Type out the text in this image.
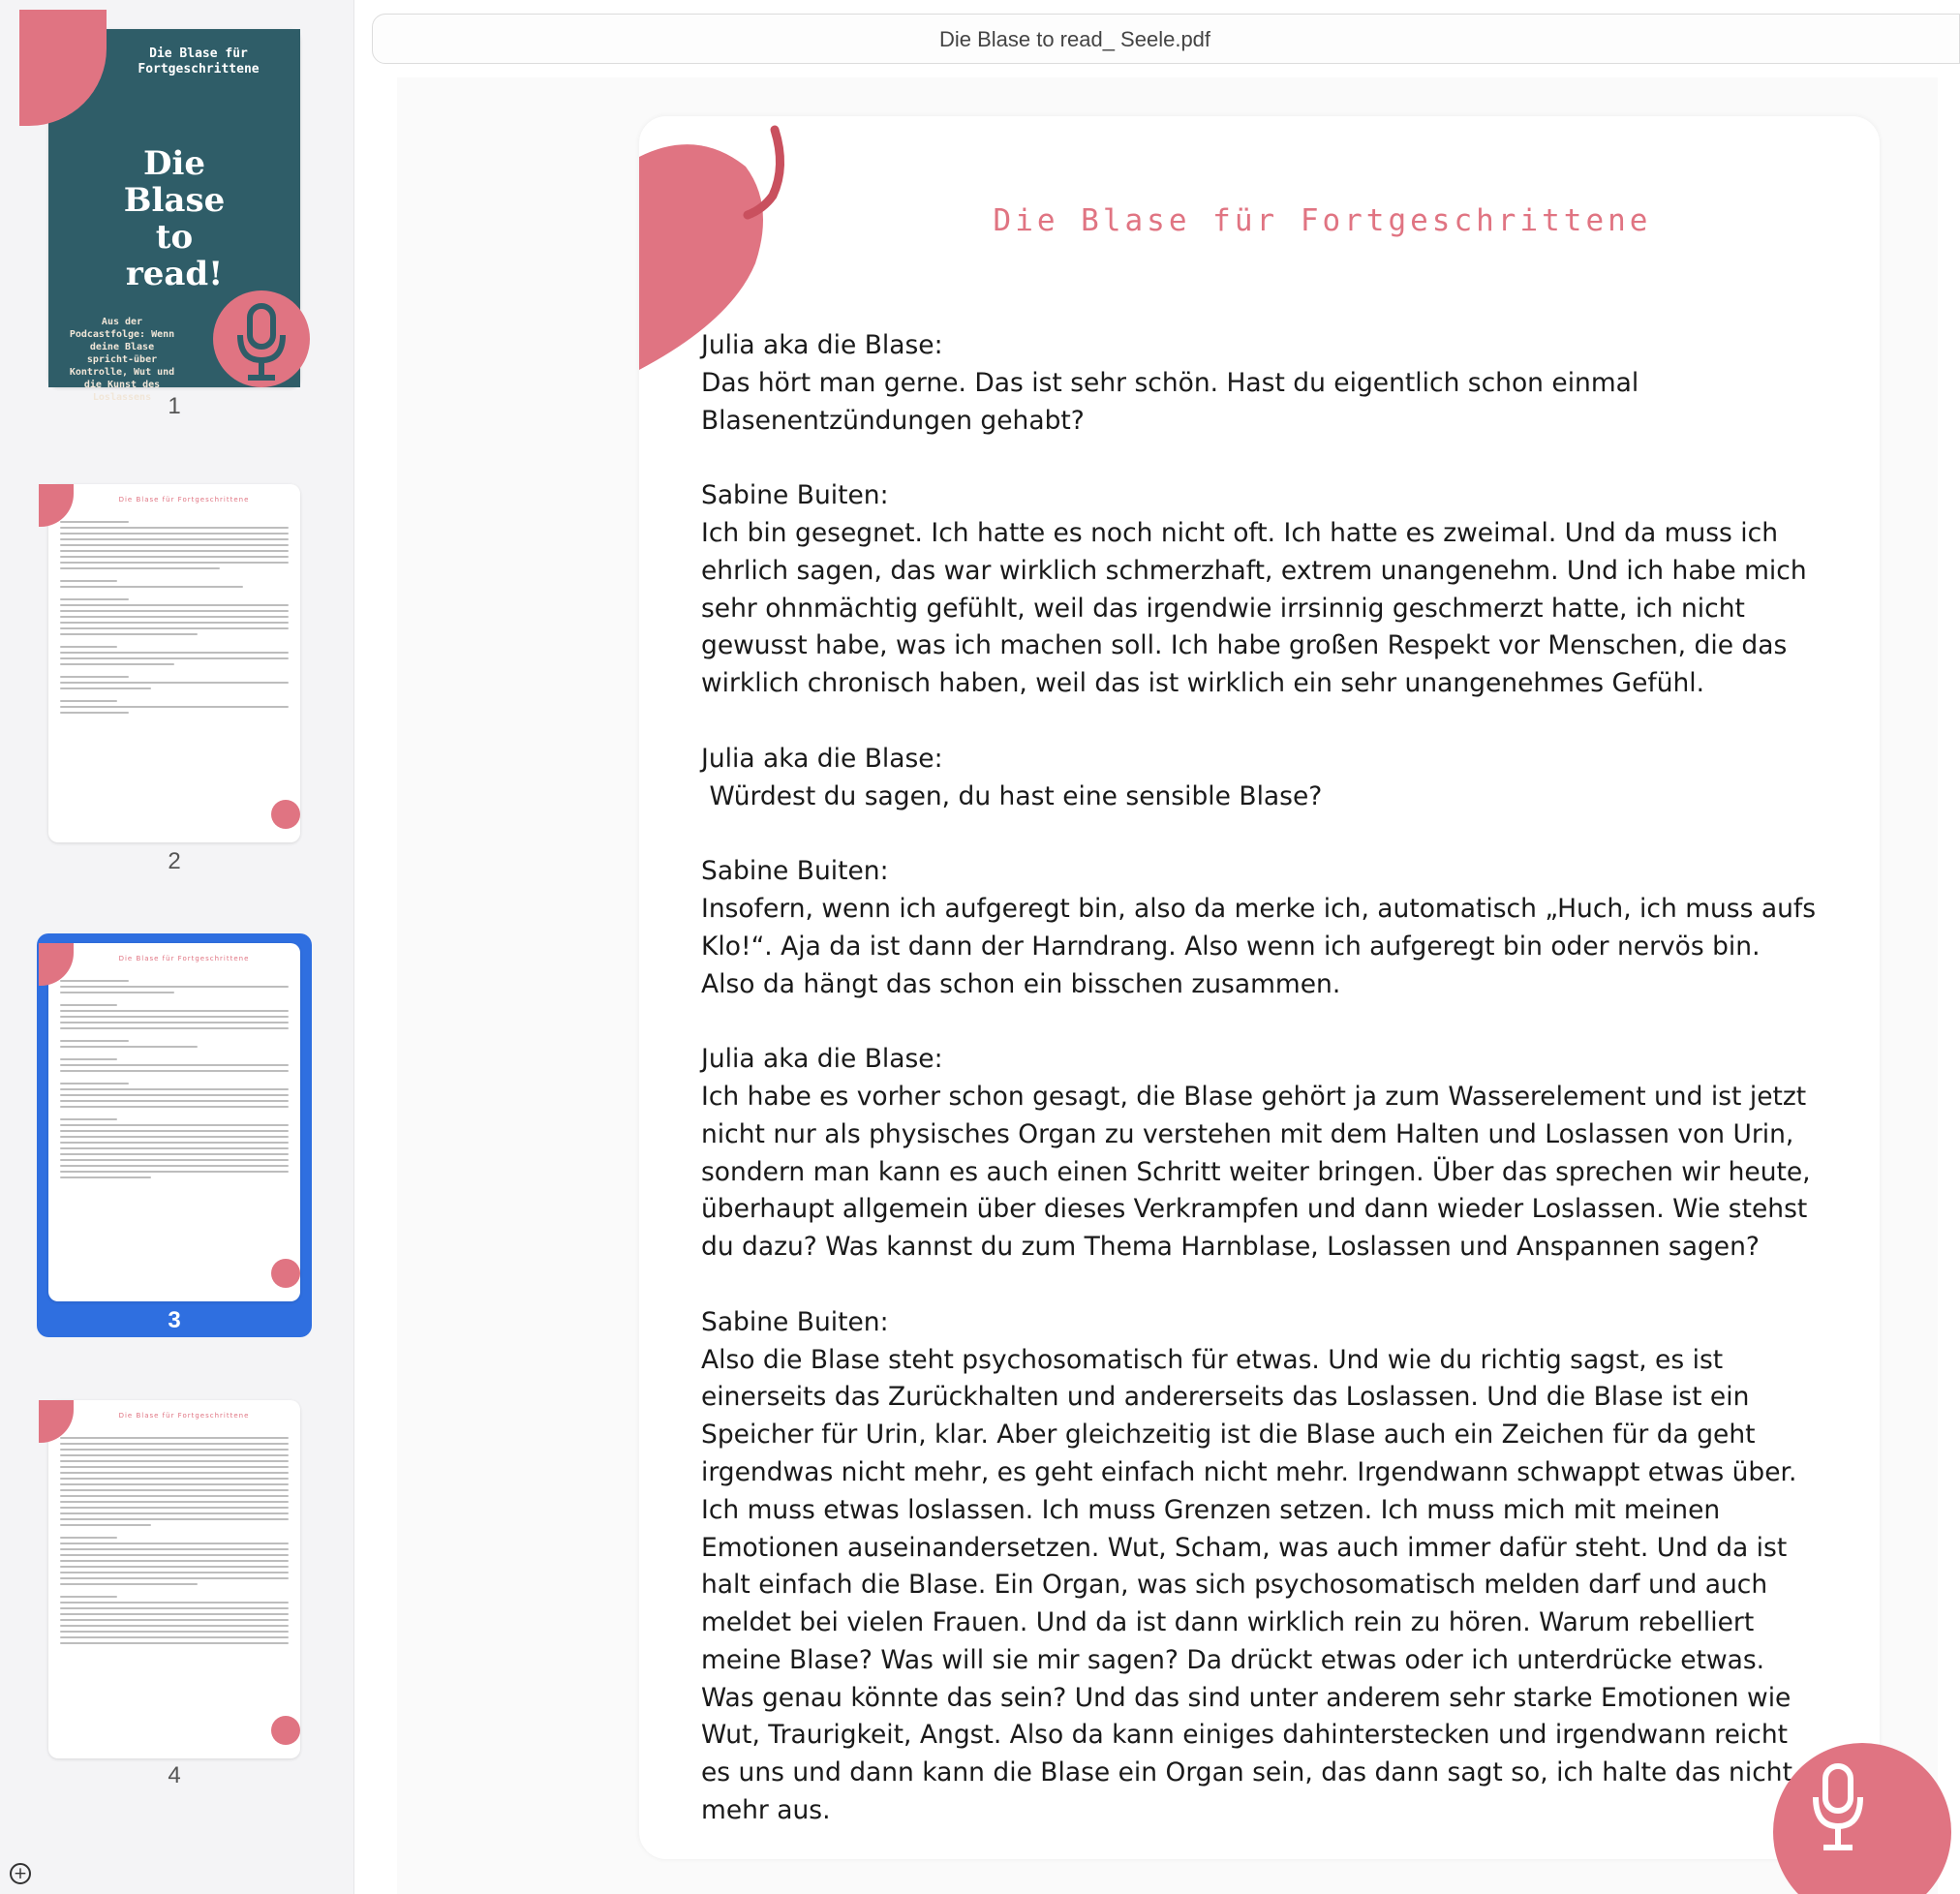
Die Blase für Fortgeschrittene
Die Blase
to
read!
Aus der Podcastfolge: Wenn deine Blase spricht-über Kontrolle, Wut und die Kunst des Loslassens 1
Die Blase für Fortgeschrittene
2
Die Blase für Fortgeschrittene
3
Die Blase für Fortgeschrittene
4
+
Die Blase to read_ Seele.pdf
Die Blase für Fortgeschrittene

Julia aka die Blase:

Das hört man gerne. Das ist sehr schön. Hast du eigentlich schon einmal Blasenentzündungen gehabt?

Sabine Buiten:

Ich bin gesegnet. Ich hatte es noch nicht oft. Ich hatte es zweimal. Und da muss ich ehrlich sagen, das war wirklich schmerzhaft, extrem unangenehm. Und ich habe mich sehr ohnmächtig gefühlt, weil das irgendwie irrsinnig geschmerzt hatte, ich nicht gewusst habe, was ich machen soll. Ich habe großen Respekt vor Menschen, die das wirklich chronisch haben, weil das ist wirklich ein sehr unangenehmes Gefühl.

Julia aka die Blase:

Würdest du sagen, du hast eine sensible Blase?

Sabine Buiten:

Insofern, wenn ich aufgeregt bin, also da merke ich, automatisch „Huch, ich muss aufs Klo!“. Aja da ist dann der Harndrang. Also wenn ich aufgeregt bin oder nervös bin. Also da hängt das schon ein bisschen zusammen.

Julia aka die Blase:

Ich habe es vorher schon gesagt, die Blase gehört ja zum Wasserelement und ist jetzt nicht nur als physisches Organ zu verstehen mit dem Halten und Loslassen von Urin, sondern man kann es auch einen Schritt weiter bringen. Über das sprechen wir heute, überhaupt allgemein über dieses Verkrampfen und dann wieder Loslassen. Wie stehst du dazu? Was kannst du zum Thema Harnblase, Loslassen und Anspannen sagen?

Sabine Buiten:

Also die Blase steht psychosomatisch für etwas. Und wie du richtig sagst, es ist einerseits das Zurückhalten und andererseits das Loslassen. Und die Blase ist ein Speicher für Urin, klar. Aber gleichzeitig ist die Blase auch ein Zeichen für da geht irgendwas nicht mehr, es geht einfach nicht mehr. Irgendwann schwappt etwas über. Ich muss etwas loslassen. Ich muss Grenzen setzen. Ich muss mich mit meinen Emotionen auseinandersetzen. Wut, Scham, was auch immer dafür steht. Und da ist halt einfach die Blase. Ein Organ, was sich psychosomatisch melden darf und auch meldet bei vielen Frauen. Und da ist dann wirklich rein zu hören. Warum rebelliert meine Blase? Was will sie mir sagen? Da drückt etwas oder ich unterdrücke etwas. Was genau könnte das sein? Und das sind unter anderem sehr starke Emotionen wie Wut, Traurigkeit, Angst. Also da kann einiges dahinterstecken und irgendwann reicht es uns und dann kann die Blase ein Organ sein, das dann sagt so, ich halte das nicht mehr aus.
